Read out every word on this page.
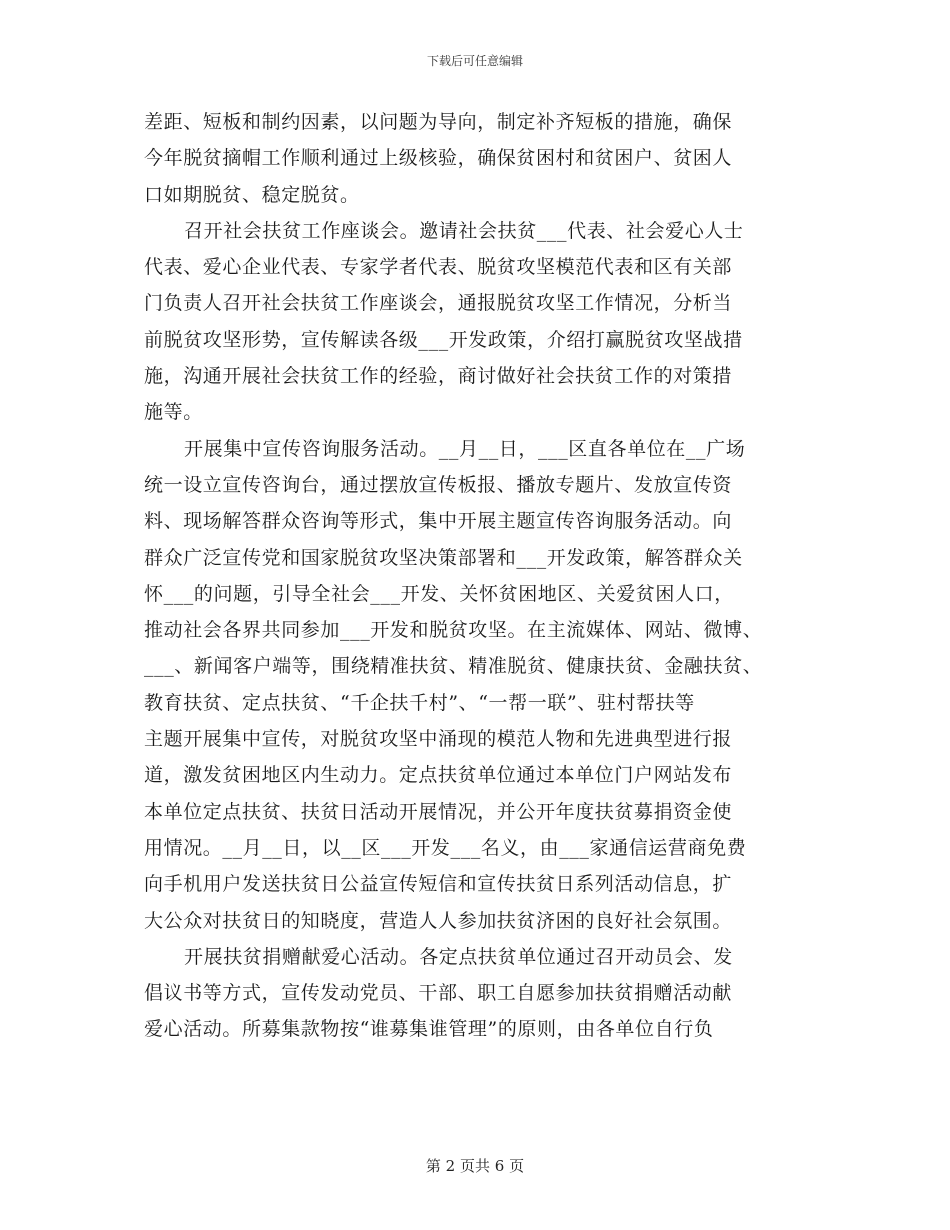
下载后可任意编辑
差距、短板和制约因素，以问题为导向，制定补齐短板的措施，确保
今年脱贫摘帽工作顺利通过上级核验，确保贫困村和贫困户、贫困人
口如期脱贫、稳定脱贫。
召开社会扶贫工作座谈会。邀请社会扶贫___代表、社会爱心人士
代表、爱心企业代表、专家学者代表、脱贫攻坚模范代表和区有关部
门负责人召开社会扶贫工作座谈会，通报脱贫攻坚工作情况，分析当
前脱贫攻坚形势，宣传解读各级___开发政策，介绍打赢脱贫攻坚战措
施，沟通开展社会扶贫工作的经验，商讨做好社会扶贫工作的对策措
施等。
开展集中宣传咨询服务活动。__月__日，___区直各单位在__广场
统一设立宣传咨询台，通过摆放宣传板报、播放专题片、发放宣传资
料、现场解答群众咨询等形式，集中开展主题宣传咨询服务活动。向
群众广泛宣传党和国家脱贫攻坚决策部署和___开发政策，解答群众关
怀___的问题，引导全社会___开发、关怀贫困地区、关爱贫困人口，
推动社会各界共同参加___开发和脱贫攻坚。在主流媒体、网站、微博、
___、新闻客户端等，围绕精准扶贫、精准脱贫、健康扶贫、金融扶贫、
教育扶贫、定点扶贫、“千企扶千村”、“一帮一联”、驻村帮扶等
主题开展集中宣传，对脱贫攻坚中涌现的模范人物和先进典型进行报
道，激发贫困地区内生动力。定点扶贫单位通过本单位门户网站发布
本单位定点扶贫、扶贫日活动开展情况，并公开年度扶贫募捐资金使
用情况。__月__日，以__区___开发___名义，由___家通信运营商免费
向手机用户发送扶贫日公益宣传短信和宣传扶贫日系列活动信息，扩
大公众对扶贫日的知晓度，营造人人参加扶贫济困的良好社会氛围。
开展扶贫捐赠献爱心活动。各定点扶贫单位通过召开动员会、发
倡议书等方式，宣传发动党员、干部、职工自愿参加扶贫捐赠活动献
爱心活动。所募集款物按“谁募集谁管理”的原则，由各单位自行负
第 2 页共 6 页
